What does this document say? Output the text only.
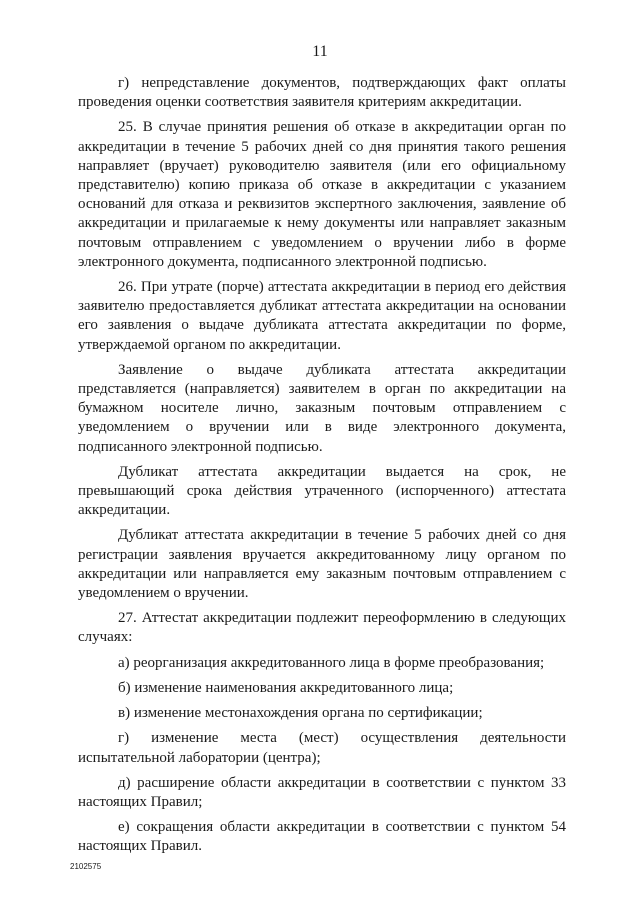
11

г) непредставление документов, подтверждающих факт оплаты проведения оценки соответствия заявителя критериям аккредитации.

25. В случае принятия решения об отказе в аккредитации орган по аккредитации в течение 5 рабочих дней со дня принятия такого решения направляет (вручает) руководителю заявителя (или его официальному представителю) копию приказа об отказе в аккредитации с указанием оснований для отказа и реквизитов экспертного заключения, заявление об аккредитации и прилагаемые к нему документы или направляет заказным почтовым отправлением с уведомлением о вручении либо в форме электронного документа, подписанного электронной подписью.

26. При утрате (порче) аттестата аккредитации в период его действия заявителю предоставляется дубликат аттестата аккредитации на основании его заявления о выдаче дубликата аттестата аккредитации по форме, утверждаемой органом по аккредитации.

Заявление о выдаче дубликата аттестата аккредитации представляется (направляется) заявителем в орган по аккредитации на бумажном носителе лично, заказным почтовым отправлением с уведомлением о вручении или в виде электронного документа, подписанного электронной подписью.

Дубликат аттестата аккредитации выдается на срок, не превышающий срока действия утраченного (испорченного) аттестата аккредитации.

Дубликат аттестата аккредитации в течение 5 рабочих дней со дня регистрации заявления вручается аккредитованному лицу органом по аккредитации или направляется ему заказным почтовым отправлением с уведомлением о вручении.

27. Аттестат аккредитации подлежит переоформлению в следующих случаях:

а) реорганизация аккредитованного лица в форме преобразования;

б) изменение наименования аккредитованного лица;

в) изменение местонахождения органа по сертификации;

г) изменение места (мест) осуществления деятельности испытательной лаборатории (центра);

д) расширение области аккредитации в соответствии с пунктом 33 настоящих Правил;

е) сокращения области аккредитации в соответствии с пунктом 54 настоящих Правил.

2102575
